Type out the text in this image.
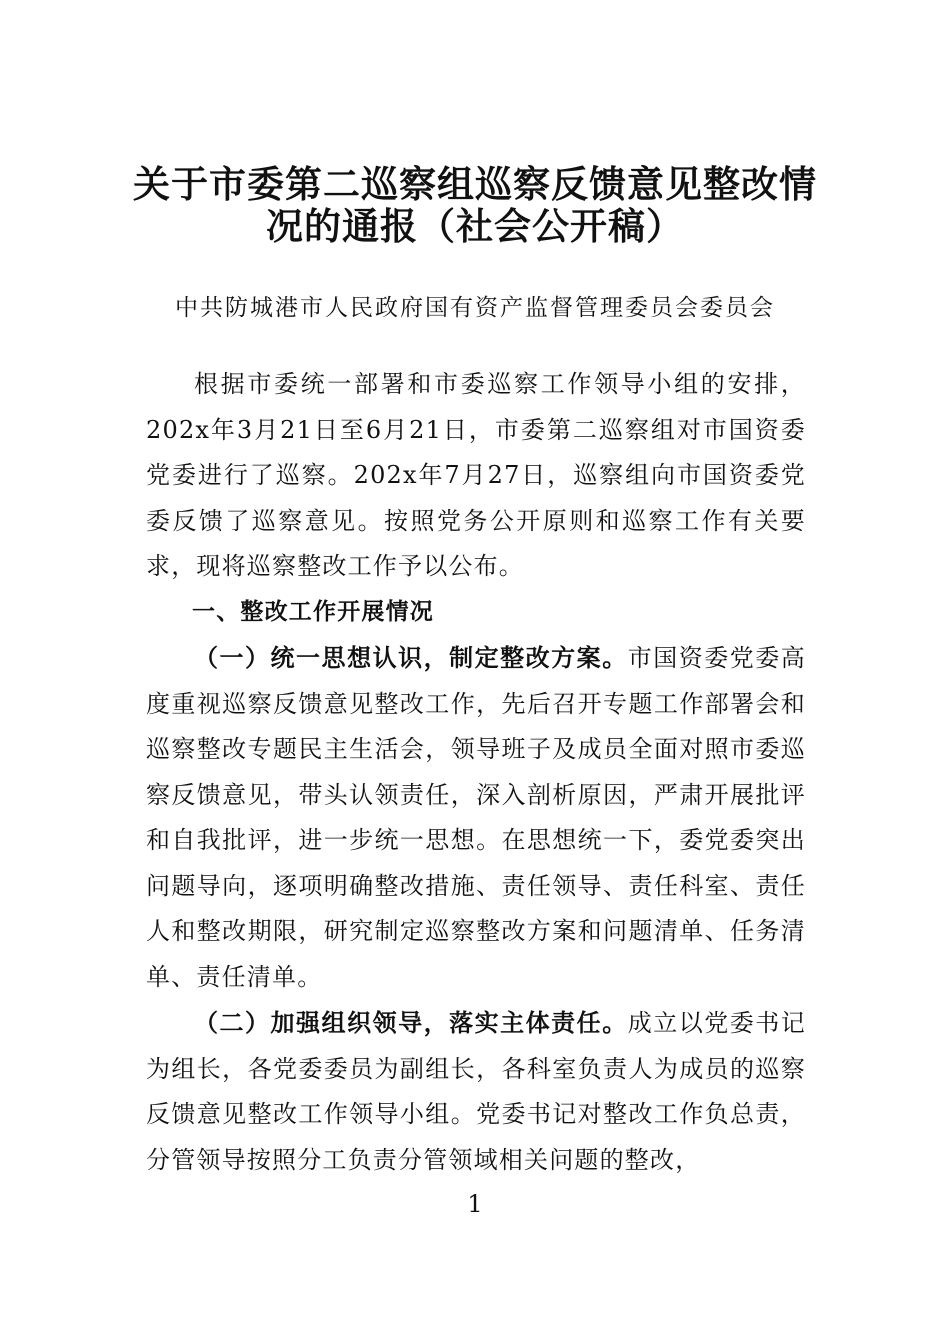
关于市委第二巡察组巡察反馈意见整改情
况的通报（社会公开稿）
中共防城港市人民政府国有资产监督管理委员会委员会

根据市委统一部署和市委巡察工作领导小组的安排，202x年3月21日至6月21日，市委第二巡察组对市国资委党委进行了巡察。202x年7月27日，巡察组向市国资委党委反馈了巡察意见。按照党务公开原则和巡察工作有关要求，现将巡察整改工作予以公布。

一、整改工作开展情况

（一）统一思想认识，制定整改方案。市国资委党委高度重视巡察反馈意见整改工作，先后召开专题工作部署会和巡察整改专题民主生活会，领导班子及成员全面对照市委巡察反馈意见，带头认领责任，深入剖析原因，严肃开展批评和自我批评，进一步统一思想。在思想统一下，委党委突出问题导向，逐项明确整改措施、责任领导、责任科室、责任人和整改期限，研究制定巡察整改方案和问题清单、任务清单、责任清单。

（二）加强组织领导，落实主体责任。成立以党委书记为组长，各党委委员为副组长，各科室负责人为成员的巡察反馈意见整改工作领导小组。党委书记对整改工作负总责，分管领导按照分工负责分管领域相关问题的整改，

1
